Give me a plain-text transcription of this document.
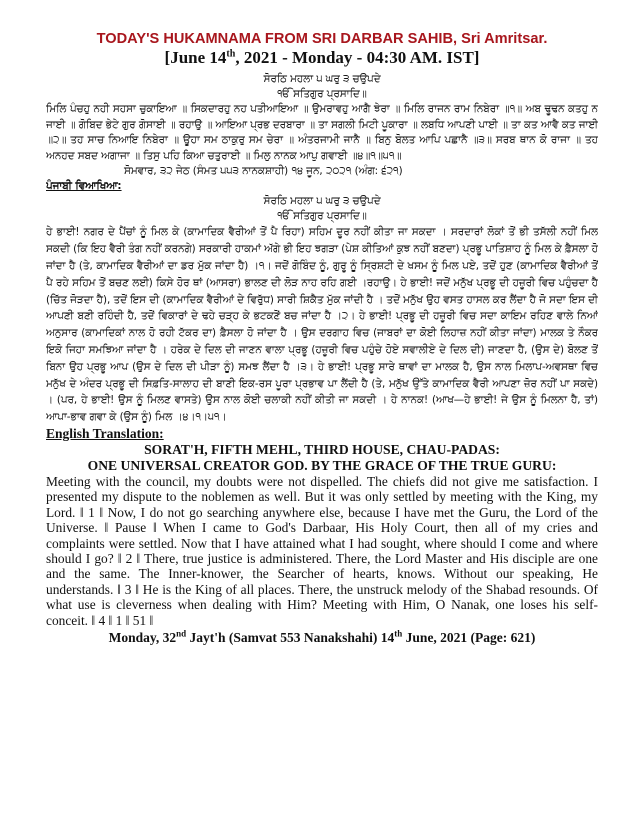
TODAY'S HUKAMNAMA FROM SRI DARBAR SAHIB, Sri Amritsar.
[June 14th, 2021 - Monday - 04:30 AM. IST]

ਸੋਰਠਿ ਮਹਲਾ ੫ ਘਰੁ ੩ ਚਉਪਦੇ

ੴ ਸਤਿਗੁਰ ਪ੍ਰਸਾਦਿ॥

ਮਿਲਿ ਪੰਚਹੁ ਨਹੀ ਸਹਸਾ ਚੁਕਾਇਆ ॥ ਸਿਕਦਾਰਹੁ ਨਹ ਪਤੀਆਇਆ ॥ ਉਮਰਾਵਹੁ ਆਗੈ ਝੇਰਾ ॥ ਮਿਲਿ ਰਾਜਨ ਰਾਮ ਨਿਬੇਰਾ ॥੧॥ ਅਬ ਢੂਢਨ ਕਤਹੁ ਨ ਜਾਈ ॥ ਗੋਬਿਦ ਭੇਟੇ ਗੁਰ ਗੋਸਾਈ ॥ ਰਹਾਉ ॥ ਆਇਆ ਪ੍ਰਭ ਦਰਬਾਰਾ ॥ ਤਾ ਸਗਲੀ ਮਿਟੀ ਪੂਕਾਰਾ ॥ ਲਬਧਿ ਆਪਣੀ ਪਾਈ ॥ ਤਾ ਕਤ ਆਵੈ ਕਤ ਜਾਈ ॥੨॥ ਤਹ ਸਾਚ ਨਿਆਇ ਨਿਬੇਰਾ ॥ ਊਹਾ ਸਮ ਠਾਕੁਰੁ ਸਮ ਚੇਰਾ ॥ ਅੰਤਰਜਾਮੀ ਜਾਨੈ ॥ ਬਿਨੁ ਬੋਲਤ ਆਪਿ ਪਛਾਨੈ ॥੩॥ ਸਰਬ ਥਾਨ ਕੋ ਰਾਜਾ ॥ ਤਹ ਅਨਹਦ ਸਬਦ ਅਗਾਜਾ ॥ ਤਿਸੁ ਪਹਿ ਕਿਆ ਚਤੁਰਾਈ ॥ ਮਿਲੁ ਨਾਨਕ ਆਪੁ ਗਵਾਈ ॥੪॥੧॥੫੧॥

ਸੋਮਵਾਰ, ੩੨ ਜੇਠ (ਸੰਮਤ ੫੫੩ ਨਾਨਕਸ਼ਾਹੀ) ੧੪ ਜੂਨ, ੨੦੨੧ (ਅੰਗ: ੬੨੧)

ਪੰਜਾਬੀ ਵਿਆਖਿਆ:

ਸੋਰਠਿ ਮਹਲਾ ੫ ਘਰੁ ੩ ਚਉਪਦੇ

ੴ ਸਤਿਗੁਰ ਪ੍ਰਸਾਦਿ॥

ਹੇ ਭਾਈ! ਨਗਰ ਦੇ ਪੈਂਚਾਂ ਨੂੰ ਮਿਲ ਕੇ (ਕਾਮਾਦਿਕ ਵੈਰੀਆਂ ਤੋਂ ਪੈ ਰਿਹਾ) ਸਹਿਮ ਦੂਰ ਨਹੀਂ ਕੀਤਾ ਜਾ ਸਕਦਾ । ਸਰਦਾਰਾਂ ਲੋਕਾਂ ਤੋਂ ਭੀ ਤਸੱਲੀ ਨਹੀਂ ਮਿਲ ਸਕਦੀ (ਕਿ ਇਹ ਵੈਰੀ ਤੰਗ ਨਹੀਂ ਕਰਨਗੇ) ਸਰਕਾਰੀ ਹਾਕਮਾਂ ਅੱਗੇ ਭੀ ਇਹ ਝਗੜਾ (ਪੇਸ਼ ਕੀਤਿਆਂ ਕੁਝ ਨਹੀਂ ਬਣਦਾ) ਪ੍ਰਭੂ ਪਾਤਿਸ਼ਾਹ ਨੂੰ ਮਿਲ ਕੇ ਫ਼ੈਸਲਾ ਹੋ ਜਾਂਦਾ ਹੈ (ਤੇ, ਕਾਮਾਦਿਕ ਵੈਰੀਆਂ ਦਾ ਡਰ ਮੁੱਕ ਜਾਂਦਾ ਹੈ) ।੧। ਜਦੋਂ ਗੋਬਿੰਦ ਨੂੰ, ਗੁਰੂ ਨੂੰ ਸ੍ਰਿਸ਼ਟੀ ਦੇ ਖਸਮ ਨੂੰ ਮਿਲ ਪਏ, ਤਦੋਂ ਹੁਣ (ਕਾਮਾਦਿਕ ਵੈਰੀਆਂ ਤੋਂ ਪੈ ਰਹੇ ਸਹਿਮ ਤੋਂ ਬਚਣ ਲਈ) ਕਿਸੇ ਹੋਰ ਥਾਂ (ਆਸਰਾ) ਭਾਲਣ ਦੀ ਲੋੜ ਨਾਹ ਰਹਿ ਗਈ ।ਰਹਾਉ। ਹੇ ਭਾਈ! ਜਦੋਂ ਮਨੁੱਖ ਪ੍ਰਭੂ ਦੀ ਹਜ਼ੂਰੀ ਵਿਚ ਪਹੁੰਚਦਾ ਹੈ (ਚਿੱਤ ਜੋੜਦਾ ਹੈ), ਤਦੋਂ ਇਸ ਦੀ (ਕਾਮਾਦਿਕ ਵੈਰੀਆਂ ਦੇ ਵਿਰੁੱਧ) ਸਾਰੀ ਸ਼ਿਕੈਤ ਮੁੱਕ ਜਾਂਦੀ ਹੈ । ਤਦੋਂ ਮਨੁੱਖ ਉਹ ਵਸਤ ਹਾਸਲ ਕਰ ਲੈਂਦਾ ਹੈ ਜੋ ਸਦਾ ਇਸ ਦੀ ਆਪਣੀ ਬਣੀ ਰਹਿੰਦੀ ਹੈ, ਤਦੋਂ ਵਿਕਾਰਾਂ ਦੇ ਢਹੇ ਚੜ੍ਹ ਕੇ ਭਟਕਣੋਂ ਬਚ ਜਾਂਦਾ ਹੈ ।੨। ਹੇ ਭਾਈ! ਪ੍ਰਭੂ ਦੀ ਹਜ਼ੂਰੀ ਵਿਚ ਸਦਾ ਕਾਇਮ ਰਹਿਣ ਵਾਲੇ ਨਿਆਂ ਅਨੁਸਾਰ (ਕਾਮਾਦਿਕਾਂ ਨਾਲ ਹੋ ਰਹੀ ਟੱਕਰ ਦਾ) ਫ਼ੈਸਲਾ ਹੋ ਜਾਂਦਾ ਹੈ । ਉਸ ਦਰਗਾਹ ਵਿਚ (ਜਾਬਰਾਂ ਦਾ ਕੋਈ ਲਿਹਾਜ਼ ਨਹੀਂ ਕੀਤਾ ਜਾਂਦਾ) ਮਾਲਕ ਤੇ ਨੌਕਰ ਇਕੋ ਜਿਹਾ ਸਮਝਿਆ ਜਾਂਦਾ ਹੈ । ਹਰੇਕ ਦੇ ਦਿਲ ਦੀ ਜਾਣਨ ਵਾਲਾ ਪ੍ਰਭੂ (ਹਜ਼ੂਰੀ ਵਿਚ ਪਹੁੰਚੇ ਹੋਏ ਸਵਾਲੀਏ ਦੇ ਦਿਲ ਦੀ) ਜਾਣਦਾ ਹੈ, (ਉਸ ਦੇ) ਬੋਲਣ ਤੋਂ ਬਿਨਾ ਉਹ ਪ੍ਰਭੂ ਆਪ (ਉਸ ਦੇ ਦਿਲ ਦੀ ਪੀੜਾ ਨੂੰ) ਸਮਝ ਲੈਂਦਾ ਹੈ ।੩। ਹੇ ਭਾਈ! ਪ੍ਰਭੂ ਸਾਰੇ ਥਾਵਾਂ ਦਾ ਮਾਲਕ ਹੈ, ਉਸ ਨਾਲ ਮਿਲਾਪ-ਅਵਸਥਾ ਵਿਚ ਮਨੁੱਖ ਦੇ ਅੰਦਰ ਪ੍ਰਭੂ ਦੀ ਸਿਫ਼ਤਿ-ਸਾਲਾਹ ਦੀ ਬਾਣੀ ਇਕ-ਰਸ ਪੂਰਾ ਪ੍ਰਭਾਵ ਪਾ ਲੈਂਦੀ ਹੈ (ਤੇ, ਮਨੁੱਖ ਉੱਤੇ ਕਾਮਾਦਿਕ ਵੈਰੀ ਆਪਣਾ ਜ਼ੋਰ ਨਹੀਂ ਪਾ ਸਕਦੇ) । (ਪਰ, ਹੇ ਭਾਈ! ਉਸ ਨੂੰ ਮਿਲਣ ਵਾਸਤੇ) ਉਸ ਨਾਲ ਕੋਈ ਚਲਾਕੀ ਨਹੀਂ ਕੀਤੀ ਜਾ ਸਕਦੀ । ਹੇ ਨਾਨਕ! (ਆਖ—ਹੇ ਭਾਈ! ਜੇ ਉਸ ਨੂੰ ਮਿਲਨਾ ਹੈ, ਤਾਂ) ਆਪਾ-ਭਾਵ ਗਵਾ ਕੇ (ਉਸ ਨੂੰ) ਮਿਲ ।੪।੧।੫੧।

English Translation:

SORAT'H, FIFTH MEHL, THIRD HOUSE, CHAU-PADAS:

ONE UNIVERSAL CREATOR GOD. BY THE GRACE OF THE TRUE GURU:

Meeting with the council, my doubts were not dispelled. The chiefs did not give me satisfaction. I presented my dispute to the noblemen as well. But it was only settled by meeting with the King, my Lord. ‖ 1 ‖ Now, I do not go searching anywhere else, because I have met the Guru, the Lord of the Universe. ‖ Pause ‖ When I came to God's Darbaar, His Holy Court, then all of my cries and complaints were settled. Now that I have attained what I had sought, where should I come and where should I go? ‖ 2 ‖ There, true justice is administered. There, the Lord Master and His disciple are one and the same. The Inner-knower, the Searcher of hearts, knows. Without our speaking, He understands. ‖ 3 ‖ He is the King of all places. There, the unstruck melody of the Shabad resounds. Of what use is cleverness when dealing with Him? Meeting with Him, O Nanak, one loses his self-conceit. ‖ 4 ‖ 1 ‖ 51 ‖

Monday, 32nd Jayt'h (Samvat 553 Nanakshahi) 14th June, 2021 (Page: 621)
